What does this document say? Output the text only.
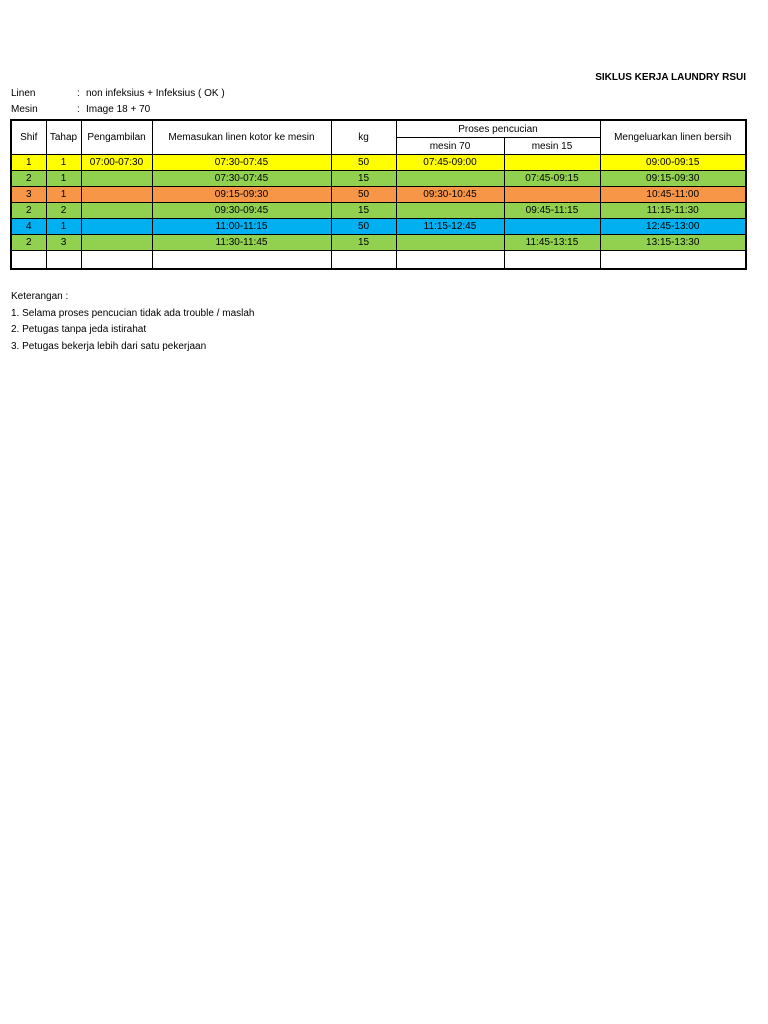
SIKLUS KERJA LAUNDRY RSUI
Linen	: non infeksius + Infeksius ( OK )
Mesin	: Image 18 + 70
Shif	Tahap	Pengambilan	Memasukan linen kotor ke mesin	kg	Proses pencucian		Mengeluarkan linen bersih
					mesin 70	mesin 15	
1	1	07:00-07:30	07:30-07:45	50	07:45-09:00		09:00-09:15
2	1		07:30-07:45	15		07:45-09:15	09:15-09:30
3	1		09:15-09:30	50	09:30-10:45		10:45-11:00
2	2		09:30-09:45	15		09:45-11:15	11:15-11:30
4	1		11:00-11:15	50	11:15-12:45		12:45-13:00
2	3		11:30-11:45	15		11:45-13:15	13:15-13:30

Keterangan :
1. Selama proses pencucian tidak ada trouble / maslah
2. Petugas tanpa jeda istirahat
3. Petugas bekerja lebih dari satu pekerjaan
